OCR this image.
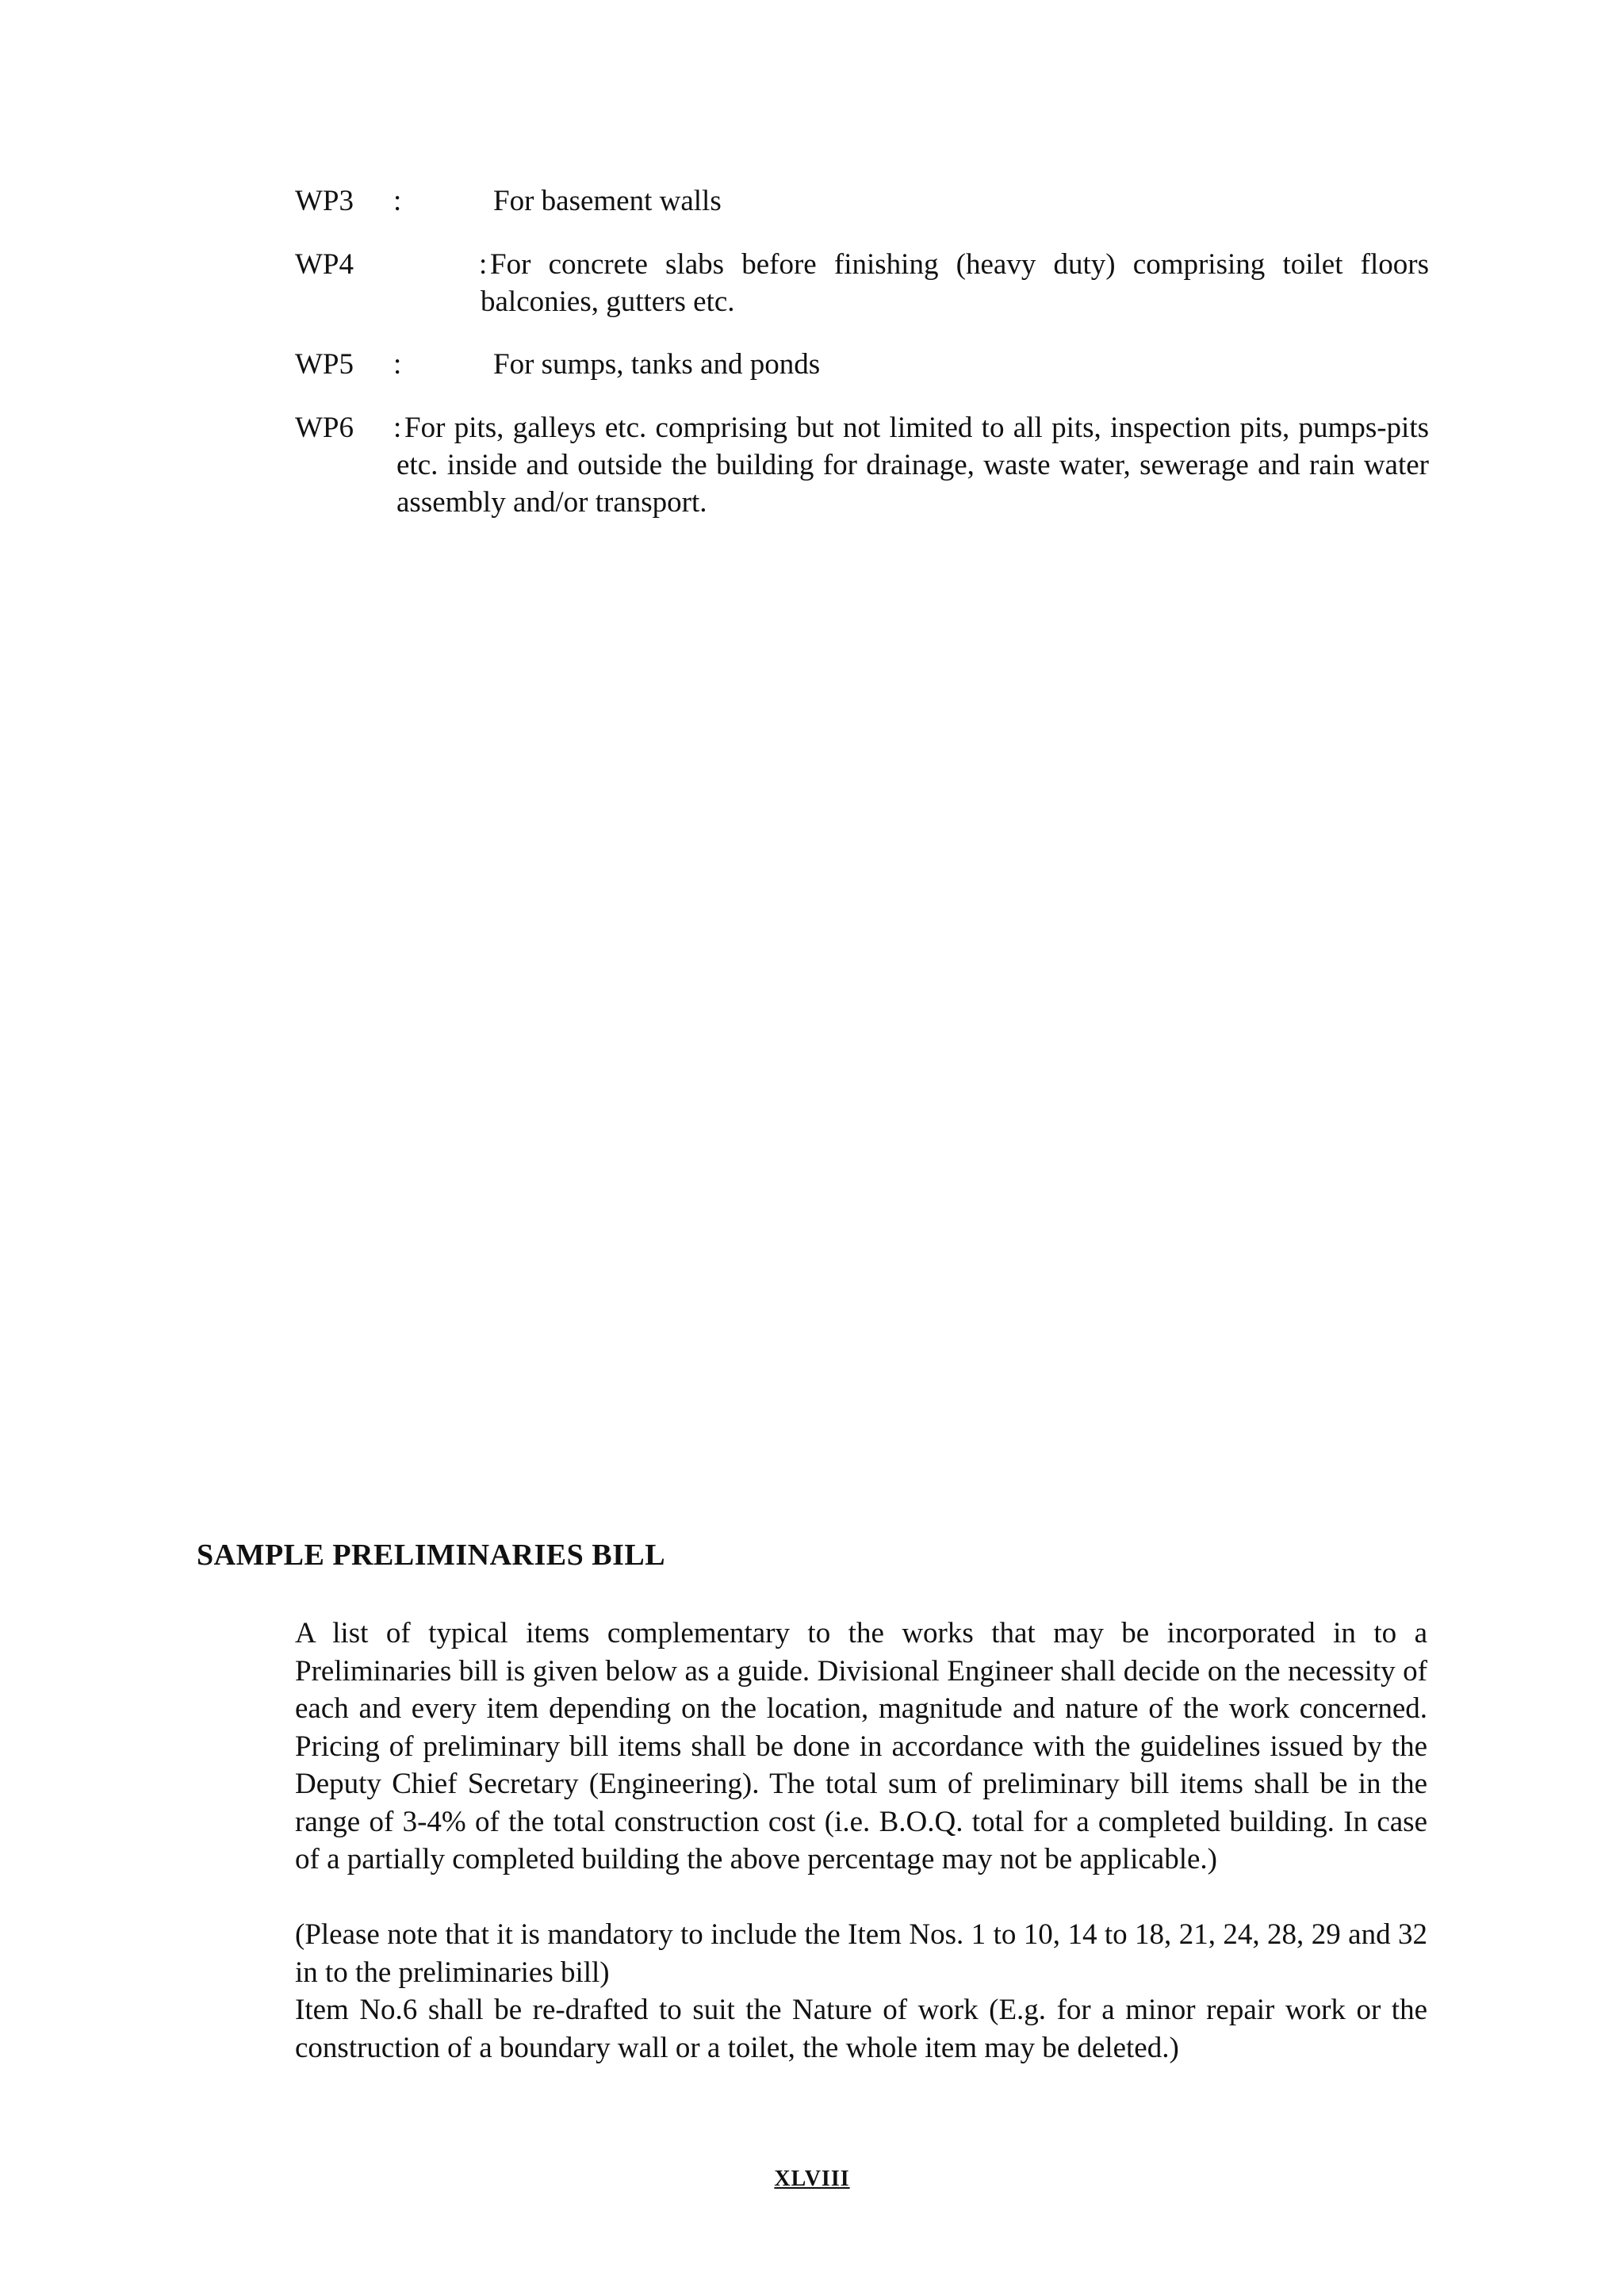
WP3 :	For basement walls
WP4	: For concrete slabs before finishing (heavy duty) comprising toilet floors balconies, gutters etc.
WP5 :	For sumps, tanks and ponds
WP6 : For pits, galleys etc. comprising but not limited to all pits, inspection pits, pumps-pits etc. inside and outside the building for drainage, waste water, sewerage and rain water assembly and/or transport.
SAMPLE PRELIMINARIES BILL
A list of typical items complementary to the works that may be incorporated in to a Preliminaries bill is given below as a guide. Divisional Engineer shall decide on the necessity of each and every item depending on the location, magnitude and nature of the work concerned. Pricing of preliminary bill items shall be done in accordance with the guidelines issued by the Deputy Chief Secretary (Engineering). The total sum of preliminary bill items shall be in the range of 3-4% of the total construction cost (i.e. B.O.Q. total for a completed building. In case of a partially completed building the above percentage may not be applicable.)
(Please note that it is mandatory to include the Item Nos. 1 to 10, 14 to 18, 21, 24, 28, 29 and 32 in to the preliminaries bill)
Item No.6 shall be re-drafted to suit the Nature of work (E.g. for a minor repair work or the construction of a boundary wall or a toilet, the whole item may be deleted.)
XLVIII
